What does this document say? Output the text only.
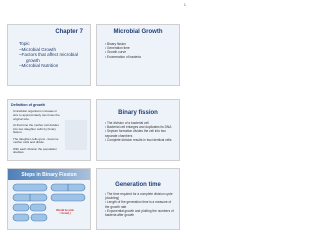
1
Chapter 7
Topic
–Microbial Growth
–Factors that affect microbial
growth
–Microbial Nutrition
Microbial Growth
• Binary fission
• Generation time
• Growth curve
• Enumeration of bacteria
Definition of growth

Unicellular organisms increase in size to approximately two times the original size.

At that time the mother cell divides into two daughter cells by binary fission.

The daughter cells grow - become mother cells and divide.

With each division the population doubles.

Binary fission
• The division of a bacterial cell
• Bacterial cell enlarges and duplicates its DNA
• Septum formation divides the cell into two separate chambers
• Complete division results in two identical cells
Steps in Binary Fission
Would be pink = Gram(-)
Generation time
• The time required for a complete division cycle (doubling)
• Length of the generation time is a measure of the growth rate
• Exponential growth and plotting the numbers of bacteria after growth
